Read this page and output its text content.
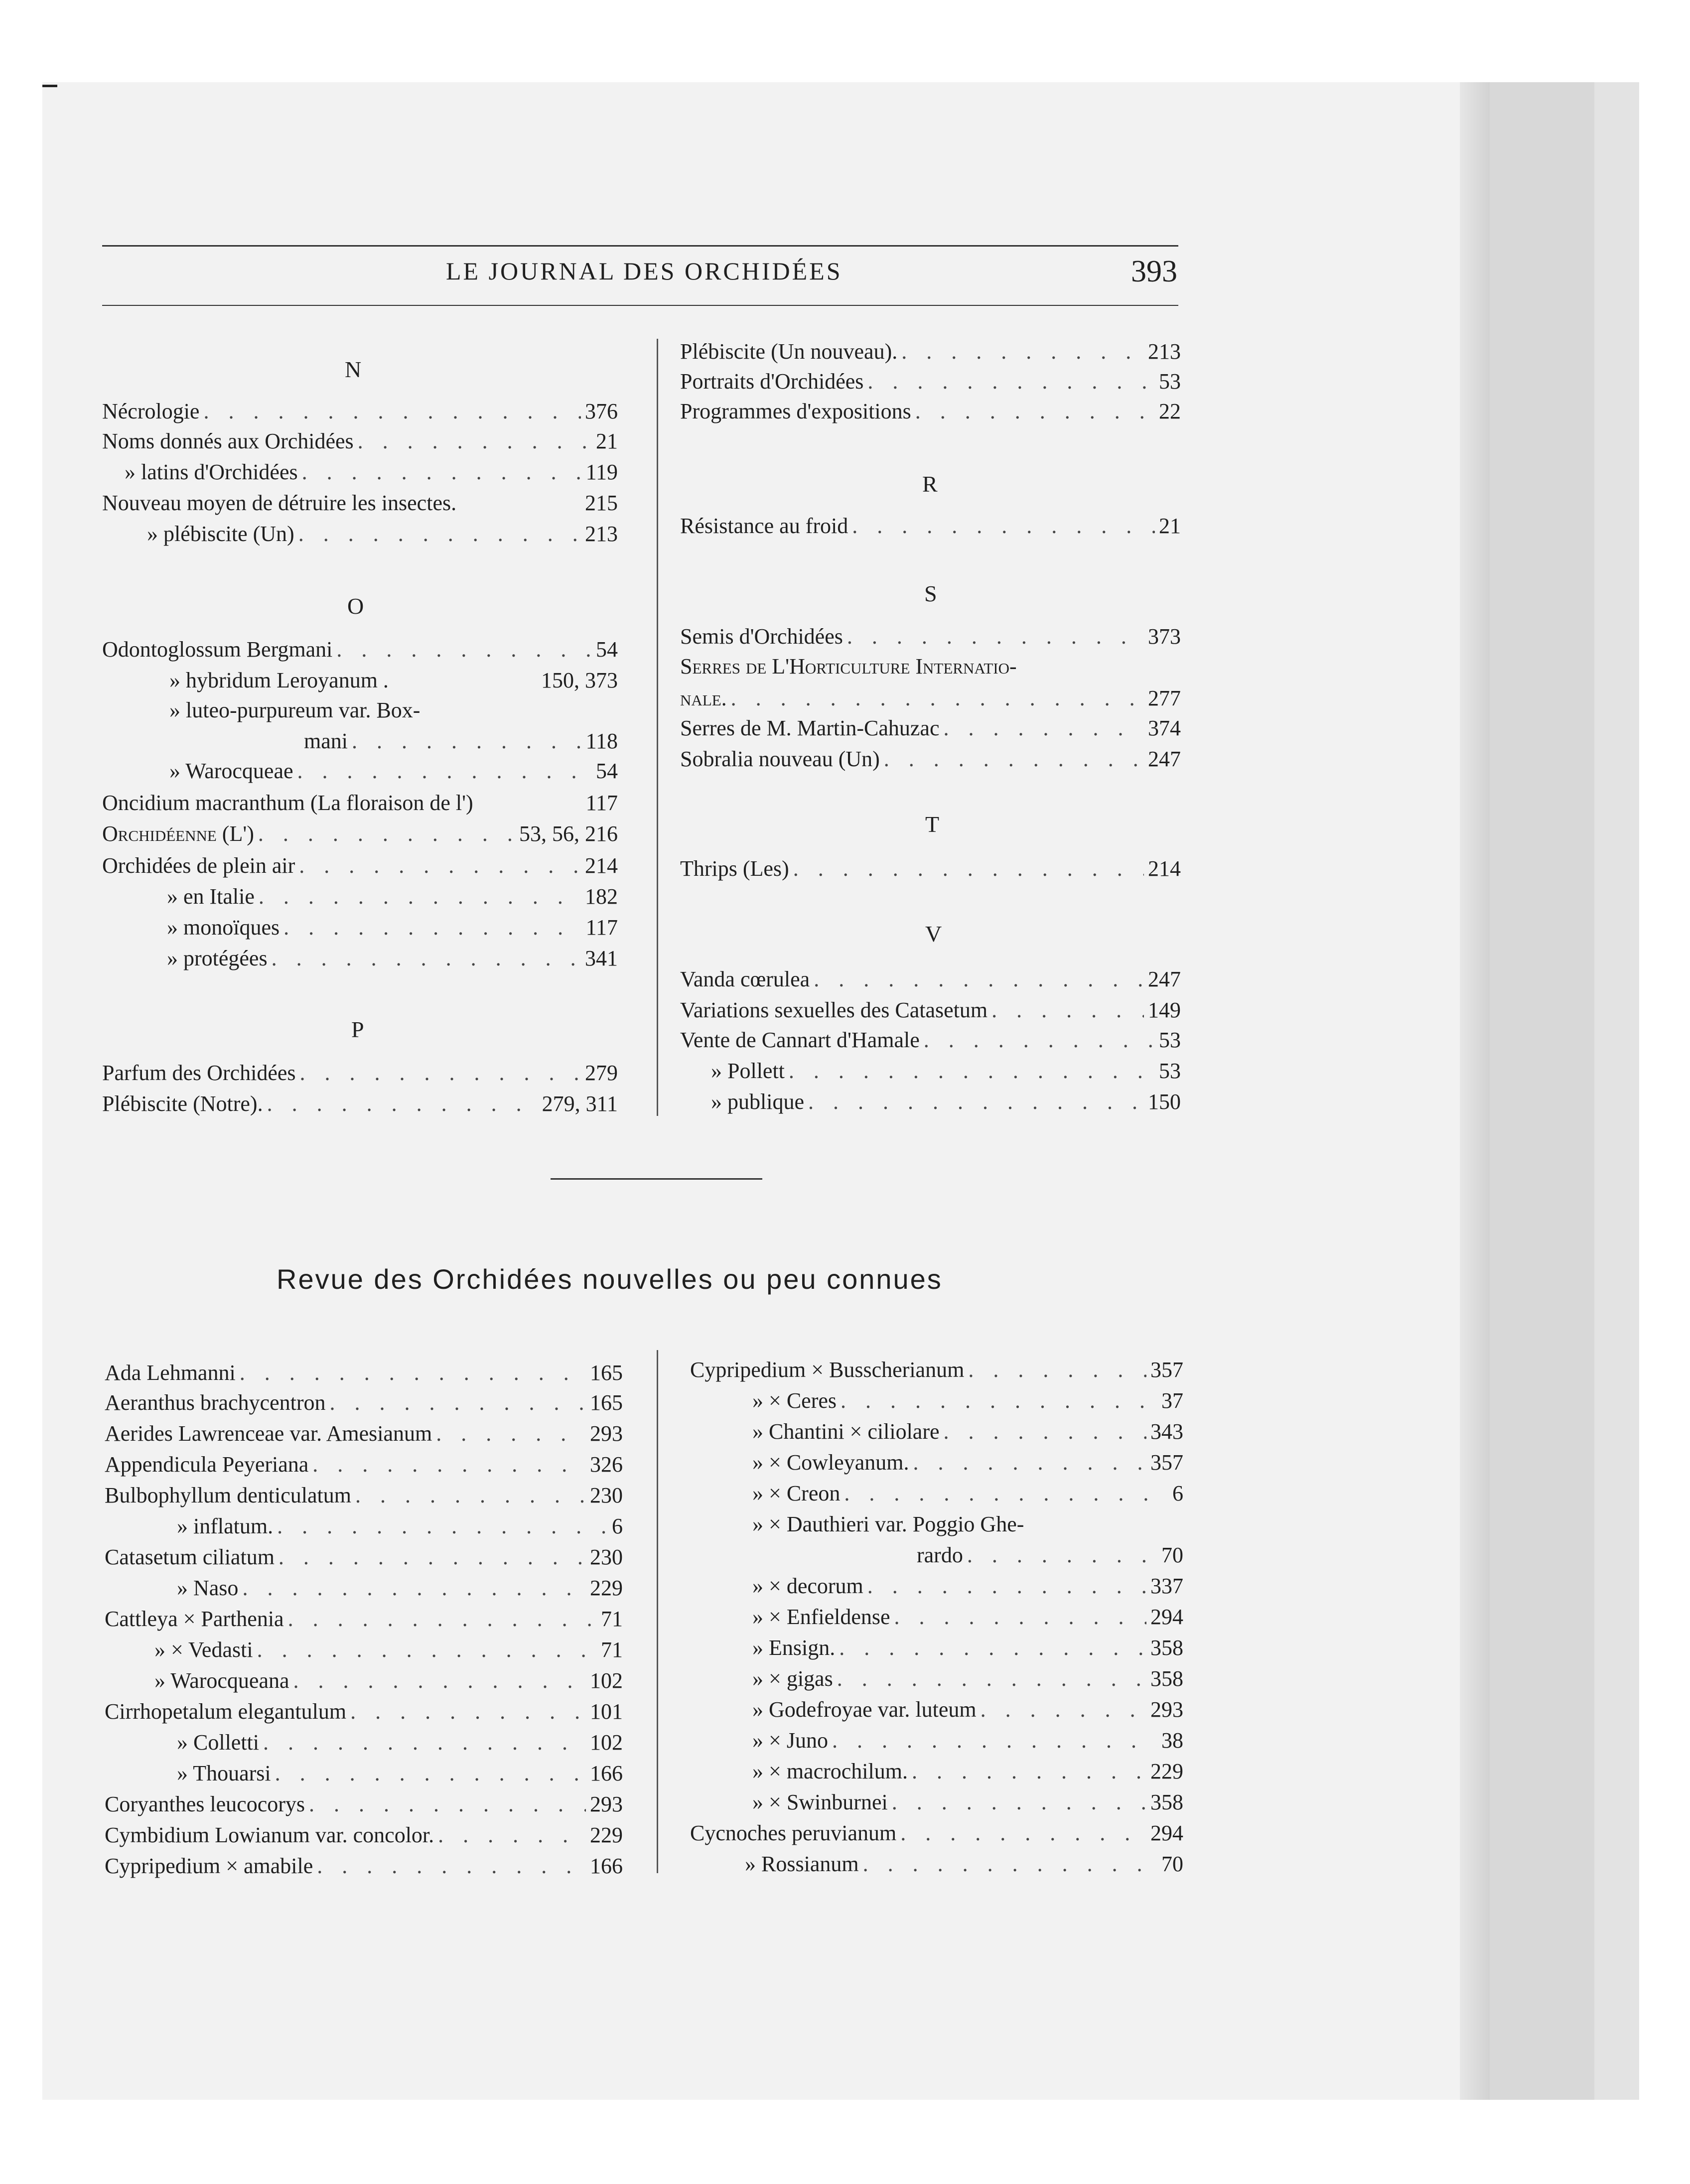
LE JOURNAL DES ORCHIDÉES	393
N
Nécrologie . . .	376
Noms donnés aux Orchidées . . .	21
» latins d'Orchidées . . .	119
Nouveau moyen de détruire les insectes.	215
» plébiscite (Un) . . .	213
O
Odontoglossum Bergmani . . .	54
» hybridum Leroyanum .	150, 373
» luteo-purpureum var. Box-
mani . . .	118
» Warocqueae . . .	54
Oncidium macranthum (La floraison de l')	117
Orchidéenne (L') . . .	53, 56, 216
Orchidées de plein air . . .	214
» en Italie . . .	182
» monoïques . . .	117
» protégées . . .	341
P
Parfum des Orchidées . . .	279
Plébiscite (Notre). . . .	279, 311
Plébiscite (Un nouveau). . . .	213
Portraits d'Orchidées . . .	53
Programmes d'expositions . . .	22
R
Résistance au froid . . .	21
S
Semis d'Orchidées . . .	373
Serres de L'Horticulture Internatio-
nale. . . .	277
Serres de M. Martin-Cahuzac . . .	374
Sobralia nouveau (Un) . . .	247
T
Thrips (Les) . . .	214
V
Vanda cœrulea . . .	247
Variations sexuelles des Catasetum . . .	149
Vente de Cannart d'Hamale . . .	53
» Pollett . . .	53
» publique . . .	150
Revue des Orchidées nouvelles ou peu connues
Ada Lehmanni . . .	165
Aeranthus brachycentron . . .	165
Aerides Lawrenceae var. Amesianum . . .	293
Appendicula Peyeriana . . .	326
Bulbophyllum denticulatum . . .	230
» inflatum. . . .	6
Catasetum ciliatum . . .	230
» Naso . . .	229
Cattleya × Parthenia . . .	71
» × Vedasti . . .	71
» Warocqueana . . .	102
Cirrhopetalum elegantulum . . .	101
» Colletti . . .	102
» Thouarsi . . .	166
Coryanthes leucocorys . . .	293
Cymbidium Lowianum var. concolor. . . .	229
Cypripedium × amabile . . .	166
Cypripedium × Busscherianum . . .	357
» × Ceres . . .	37
» Chantini × ciliolare . . .	343
» × Cowleyanum. . . .	357
» × Creon . . .	6
» × Dauthieri var. Poggio Ghe-
rardo . . .	70
» × decorum . . .	337
» × Enfieldense . . .	294
» Ensign. . . .	358
» × gigas . . .	358
» Godefroyae var. luteum . . .	293
» × Juno . . .	38
» × macrochilum. . . .	229
» × Swinburnei . . .	358
Cycnoches peruvianum . . .	294
» Rossianum . . .	70
